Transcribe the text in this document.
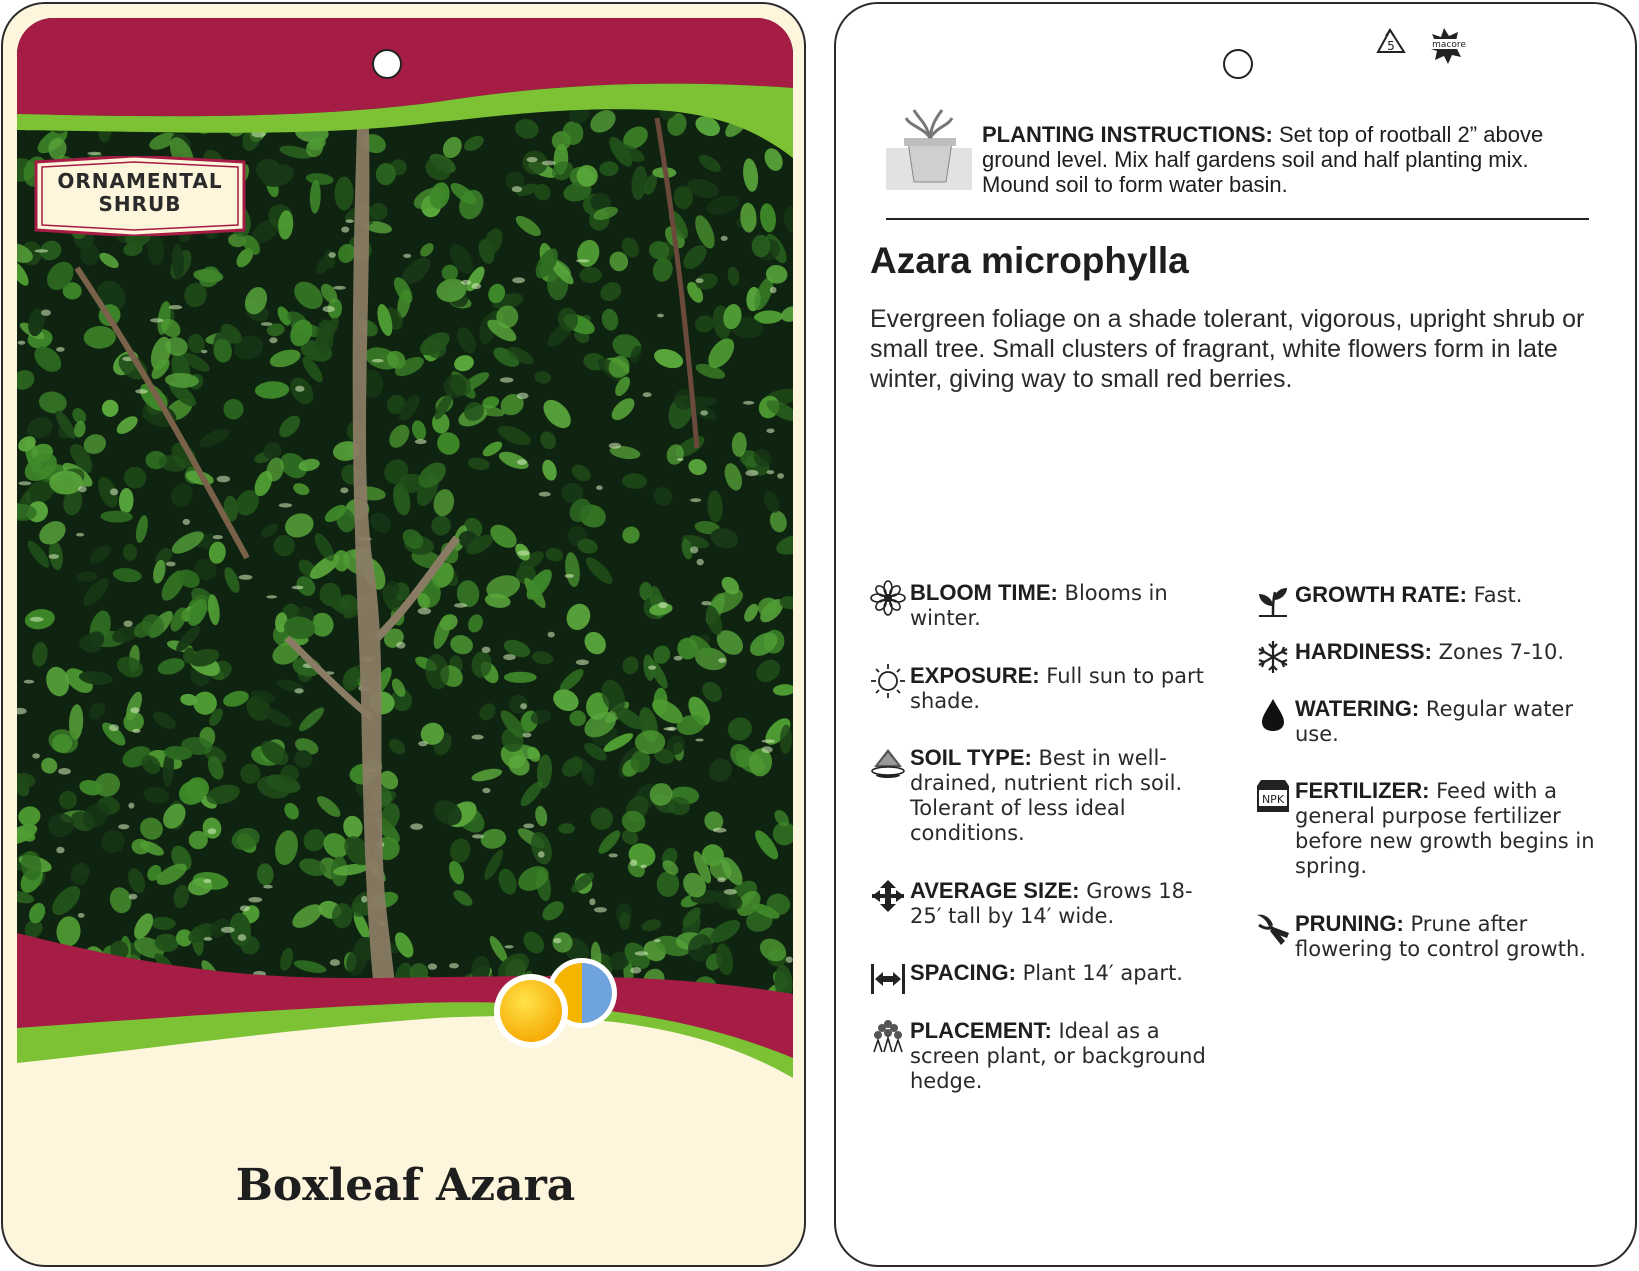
ORNAMENTAL
SHRUB
Boxleaf Azara
5	macore
PLANTING INSTRUCTIONS: Set top of rootball 2” above ground level. Mix half gardens soil and half planting mix. Mound soil to form water basin.
Azara microphylla
Evergreen foliage on a shade tolerant, vigorous, upright shrub or small tree. Small clusters of fragrant, white flowers form in late winter, giving way to small red berries.
BLOOM TIME: Blooms in winter.
EXPOSURE: Full sun to part shade.
SOIL TYPE: Best in well-drained, nutrient rich soil. Tolerant of less ideal conditions.
AVERAGE SIZE: Grows 18-25′ tall by 14′ wide.
SPACING: Plant 14′ apart.
PLACEMENT: Ideal as a screen plant, or background hedge.
GROWTH RATE: Fast.
HARDINESS: Zones 7-10.
WATERING: Regular water use.
NPK FERTILIZER: Feed with a general purpose fertilizer before new growth begins in spring.
PRUNING: Prune after flowering to control growth.
